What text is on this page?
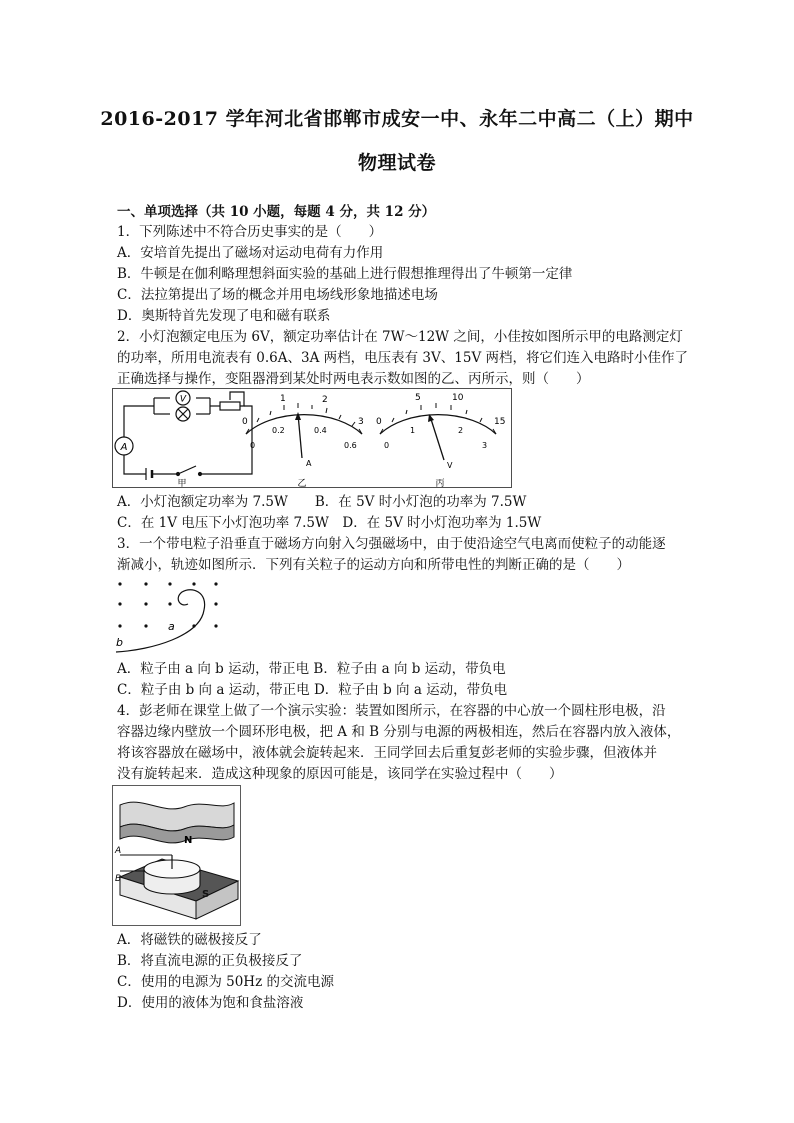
2016-2017 学年河北省邯郸市成安一中、永年二中高二（上）期中
物理试卷
一、单项选择（共 10 小题，每题 4 分，共 12 分）
1．下列陈述中不符合历史事实的是（　　）
A．安培首先提出了磁场对运动电荷有力作用
B．牛顿是在伽利略理想斜面实验的基础上进行假想推理得出了牛顿第一定律
C．法拉第提出了场的概念并用电场线形象地描述电场
D．奥斯特首先发现了电和磁有联系
2．小灯泡额定电压为 6V，额定功率估计在 7W～12W 之间，小佳按如图所示甲的电路测定灯
的功率，所用电流表有 0.6A、3A 两档，电压表有 3V、15V 两档，将它们连入电路时小佳作了
正确选择与操作，变阻器滑到某处时两电表示数如图的乙、丙所示，则（　　）
V
A
甲
0
1	2
3
0
0.2	0.4
0.6
A
乙
0
5	10
15
0
1	2
3
V
丙
A．小灯泡额定功率为 7.5W　　B．在 5V 时小灯泡的功率为 7.5W
C．在 1V 电压下小灯泡功率 7.5W　D．在 5V 时小灯泡功率为 1.5W
3．一个带电粒子沿垂直于磁场方向射入匀强磁场中，由于使沿途空气电离而使粒子的动能逐
渐减小，轨迹如图所示．下列有关粒子的运动方向和所带电性的判断正确的是（　　）
a
b
A．粒子由 a 向 b 运动，带正电 B．粒子由 a 向 b 运动，带负电
C．粒子由 b 向 a 运动，带正电 D．粒子由 b 向 a 运动，带负电
4．彭老师在课堂上做了一个演示实验：装置如图所示，在容器的中心放一个圆柱形电极，沿
容器边缘内壁放一个圆环形电极，把 A 和 B 分别与电源的两极相连，然后在容器内放入液体，
将该容器放在磁场中，液体就会旋转起来．王同学回去后重复彭老师的实验步骤，但液体并
没有旋转起来．造成这种现象的原因可能是，该同学在实验过程中（　　）
N
S
A
B
A．将磁铁的磁极接反了
B．将直流电源的正负极接反了
C．使用的电源为 50Hz 的交流电源
D．使用的液体为饱和食盐溶液
